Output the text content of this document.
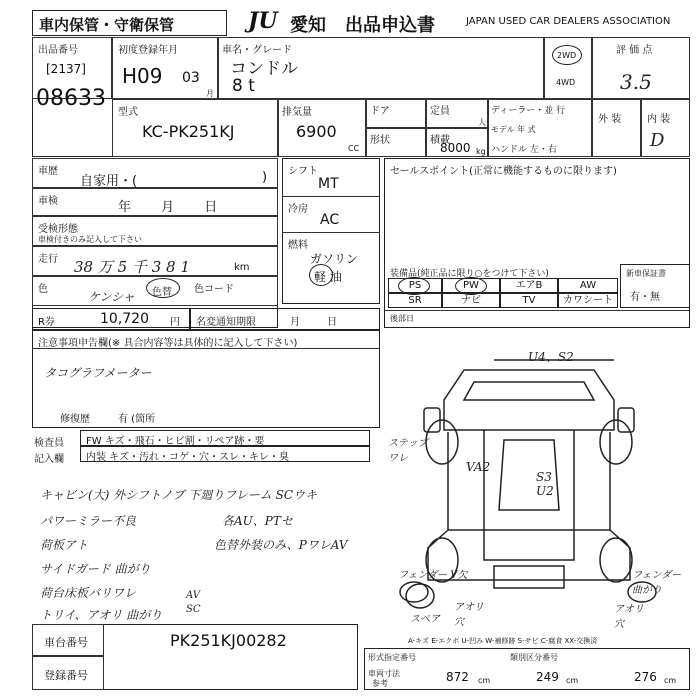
車内保管・守衛保管	JU 愛知 出品申込書	JAPAN USED CAR DEALERS ASSOCIATION
出品番号
[2137]
08633
初度登録年月
H09 03
月
車名・グレード
コンドル
8 t
2WD
4WD
評 価 点
3.5
型式
KC-PK251KJ
排気量
6900
CC
ドア	定員
人
形状	積載
8000 kg
ディーラー・並 行
モデル 年 式
ハンドル 左・右
外 装	内 装
D
車歴
自家用・(	)
車検	年 月 日
受検形態
車検付きのみ記入して下さい
走行 38 万 5 千 3 8 1	km
色
ケンシャ 色替 色コード
R券	10,720 円 名変通知期限	月 日
シフト
MT
冷房
AC
燃料
ガソリン
軽 油
セールスポイント(正常に機能するものに限ります)
装備品(純正品に限り○をつけて下さい)
PS	PW	エアB	AW
SR	ナビ	TV	カワシート
新車保証書
有・無
後部日
注意事項申告欄(※ 具合内容等は具体的に記入して下さい)
タコグラフメーター
修復歴	有 (箇所
検査員
記入欄
FW キズ・飛石・ヒビ割・リペア跡・要
内装 キズ・汚れ・コゲ・穴・スレ・キレ・臭
キャビン(大) 外シフトノブ 下廻りフレーム SCウキ
パワーミラー不良
荷板アト
サイドガード 曲がり
荷台床板バリワレ
トリイ、アオリ 曲がり
各AU、PTセ
色替外装のみ、PワレAV
AV
SC
U4、S2
ステップ ワレ
VA2
S3 U2
フェンダー V欠	フェンダー 曲がり
スペア
アオリ 穴
アオリ 穴
A-キズ E-エクボ U-凹み W-補修跡 S-サビ C-腐食 XX-交換済
車台番号	PK251KJ00282
登録番号
形式指定番号	類別区分番号
車両寸法
参考	872	249	276
cm	cm	cm
